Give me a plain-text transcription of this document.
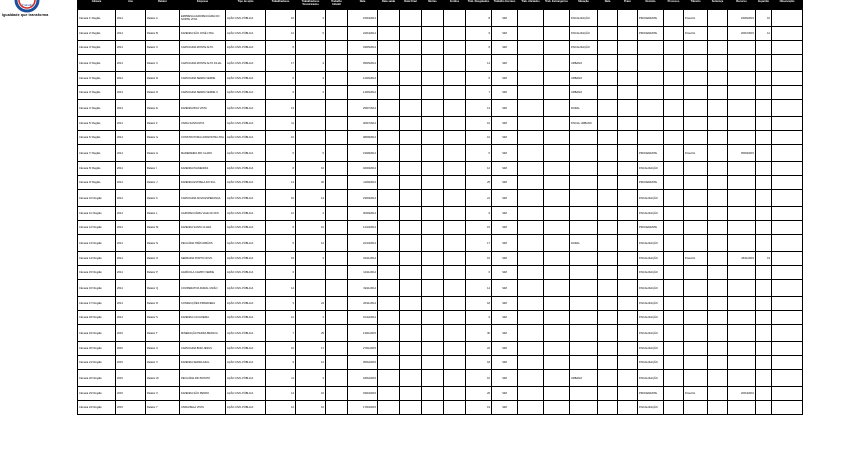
Trabalho
Igualdade que transforma
Câmara	Ano	Relator	Empresa	Tipo de ação	Trabalhadores	Trabalhadores Terceirizados	Trabalho Infantil	Data	Data saída	Data Final	Mortes	Feridos	Trab. Resgatados	Trabalho Escravo	Trab. Aliciados	Trab. Estrangeiros	Situação	Data	Prazo	Decisão	Processo	Trânsito	Sentença	Recurso	Inquérito	Observação
Câmara 1ª Região	2014	Relator A	EMPRESA AGROPECUÁRIA DO NORTE LTDA	AÇÃO CIVIL PÚBLICA	10	2		15/03/2014					8	SIM			FISCALIZAÇÃO			PROCEDENTE		Prescrito		18/06/2015	10	
Câmara 2ª Região	2014	Relator B	FAZENDA SÃO JOSÉ LTDA	AÇÃO CIVIL PÚBLICA	12	5		22/04/2014					9	SIM			FISCALIZAÇÃO			PROCEDENTE		Prescrito		20/07/2015	12	
Câmara 3ª Região	2014	Relator C	CARVOARIA MONTE ALTO	AÇÃO CIVIL PÚBLICA	8			03/05/2014					8	SIM			FISCALIZAÇÃO									
Câmara 3ª Região	2014	Relator C	CARVOARIA MONTE ALTO FILIAL	AÇÃO CIVIL PÚBLICA	17	4		05/05/2014					14	SIM			URBANO									
Câmara 3ª Região	2014	Relator D	CARVOARIA SERRA VERDE	AÇÃO CIVIL PÚBLICA	6	3		12/06/2014					5	SIM			URBANO									
Câmara 3ª Região	2014	Relator D	CARVOARIA SERRA VERDE II	AÇÃO CIVIL PÚBLICA	9	2		14/06/2014					7	SIM			URBANO									
Câmara 4ª Região	2014	Relator E	FAZENDA BOA VISTA	AÇÃO CIVIL PÚBLICA	13			25/07/2014					13	SIM			RURAL									
Câmara 5ª Região	2014	Relator F	USINA SANTA RITA	AÇÃO CIVIL PÚBLICA	11			30/07/2014					10	SIM			FISCAL URBANO									
Câmara 6ª Região	2014	Relator G	CONSTRUTORA HORIZONTE LTDA	AÇÃO CIVIL PÚBLICA	10			08/08/2014					10	SIM												
Câmara 7ª Região	2014	Relator H	MADEIREIRA RIO CLARO	AÇÃO CIVIL PÚBLICA	5	5		19/08/2014					5	SIM						PROCEDENTE		Prescrito		05/09/2015		
Câmara 8ª Região	2014	Relator I	FAZENDA PALMEIRAS	AÇÃO CIVIL PÚBLICA	8	10		02/09/2014					12	SIM						FISCALIZAÇÃO						
Câmara 9ª Região	2014	Relator J	FAZENDA ESTRELA DO SUL	AÇÃO CIVIL PÚBLICA	14	20		11/09/2014					25	SIM						PROCEDENTE						
Câmara 10ª Região	2014	Relator K	CARVOARIA NOVA ESPERANÇA	AÇÃO CIVIL PÚBLICA	16	14		23/09/2014					21	SIM						FISCALIZAÇÃO						
Câmara 11ª Região	2014	Relator L	AGROPECUÁRIA VALE DO RIO	AÇÃO CIVIL PÚBLICA	12	4		30/09/2014					9	SIM						FISCALIZAÇÃO						
Câmara 12ª Região	2014	Relator M	FAZENDA SANTA CLARA	AÇÃO CIVIL PÚBLICA	8	10		14/10/2014					15	SIM						PROCEDENTE						
Câmara 13ª Região	2014	Relator N	PECUÁRIA TRÊS IRMÃOS	AÇÃO CIVIL PÚBLICA	5	12		22/10/2014					17	SIM			RURAL			FISCALIZAÇÃO						
Câmara 14ª Região	2014	Relator O	SERRARIA PORTO NOVO	AÇÃO CIVIL PÚBLICA	19	3		04/11/2014					16	SIM						FISCALIZAÇÃO		Prescrito		18/11/2015	19	
Câmara 15ª Região	2014	Relator P	AGRÍCOLA CAMPO VERDE	AÇÃO CIVIL PÚBLICA	6			12/11/2014					6	SIM						FISCALIZAÇÃO						
Câmara 16ª Região	2014	Relator Q	COOPERATIVA RURAL UNIÃO	AÇÃO CIVIL PÚBLICA	14			19/11/2014					14	SIM						FISCALIZAÇÃO						
Câmara 17ª Região	2014	Relator R	CONFECÇÕES PRIMAVERA	AÇÃO CIVIL PÚBLICA	3	24		26/11/2014					18	SIM						FISCALIZAÇÃO						
Câmara 18ª Região	2014	Relator S	FAZENDA CACHOEIRA	AÇÃO CIVIL PÚBLICA	12	3		01/12/2014					9	SIM						FISCALIZAÇÃO						
Câmara 19ª Região	2015	Relator T	MINERAÇÃO PEDRA BRANCA	AÇÃO CIVIL PÚBLICA	7	25		13/01/2015					30	SIM						FISCALIZAÇÃO						
Câmara 20ª Região	2015	Relator U	CARVOARIA BOM JESUS	AÇÃO CIVIL PÚBLICA	10	17		27/01/2015					22	SIM						FISCALIZAÇÃO						
Câmara 21ª Região	2015	Relator V	FAZENDA SERRA AZUL	AÇÃO CIVIL PÚBLICA	9	12		05/02/2015					18	SIM						FISCALIZAÇÃO						
Câmara 22ª Região	2015	Relator W	PECUÁRIA RIO BONITO	AÇÃO CIVIL PÚBLICA	11	3		18/02/2015					10	SIM			URBANO			FISCALIZAÇÃO						
Câmara 23ª Região	2015	Relator X	FAZENDA SÃO PEDRO	AÇÃO CIVIL PÚBLICA	14	16		03/03/2015					26	SIM						PROCEDENTE		Prescrito		20/04/2016		
Câmara 24ª Região	2015	Relator Y	USINA BELA VISTA	AÇÃO CIVIL PÚBLICA	12	10		17/03/2015					19	SIM						FISCALIZAÇÃO						
